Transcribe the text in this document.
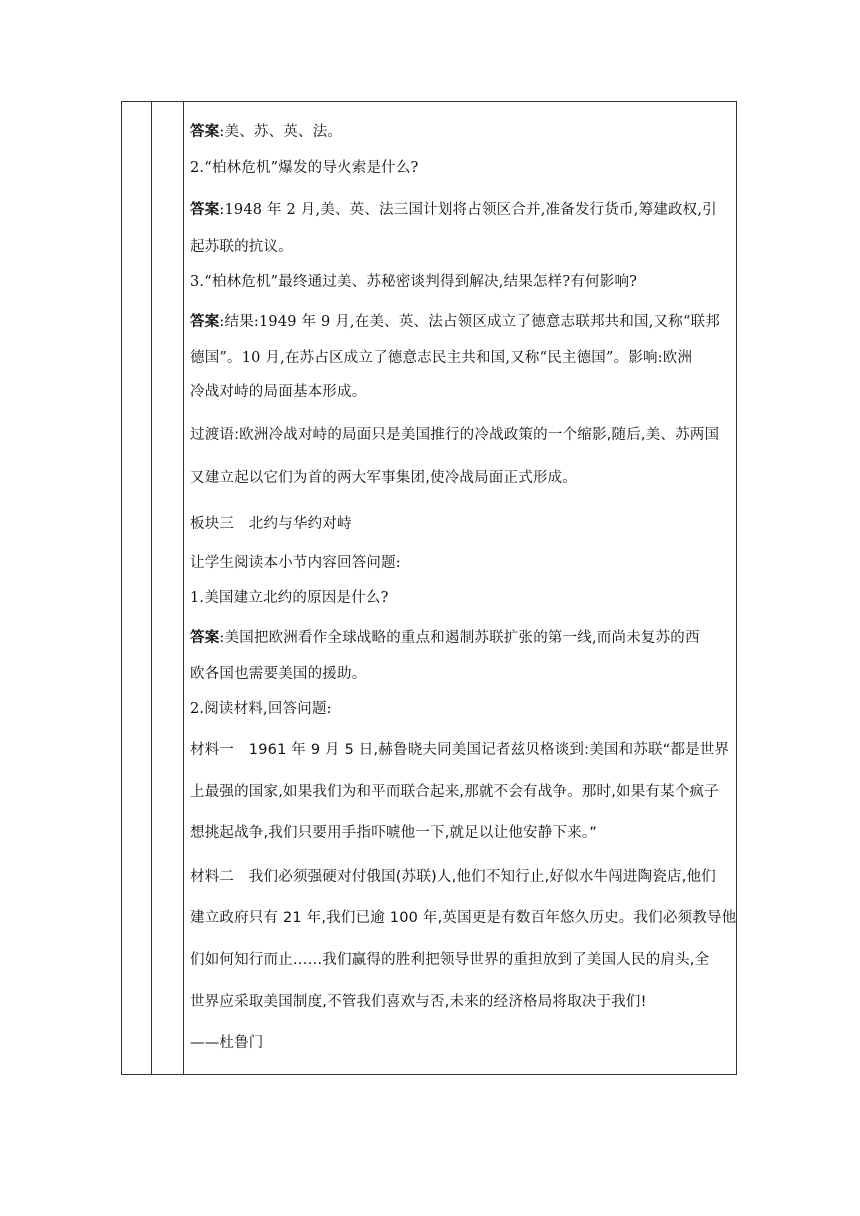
答案:美、苏、英、法。
2.“柏林危机”爆发的导火索是什么?
答案:1948 年 2 月,美、英、法三国计划将占领区合并,准备发行货币,筹建政权,引
起苏联的抗议。
3.“柏林危机”最终通过美、苏秘密谈判得到解决,结果怎样?有何影响?
答案:结果:1949 年 9 月,在美、英、法占领区成立了德意志联邦共和国,又称“联邦
德国”。10 月,在苏占区成立了德意志民主共和国,又称“民主德国”。影响:欧洲
冷战对峙的局面基本形成。
过渡语:欧洲冷战对峙的局面只是美国推行的冷战政策的一个缩影,随后,美、苏两国
又建立起以它们为首的两大军事集团,使冷战局面正式形成。
板块三　北约与华约对峙
让学生阅读本小节内容回答问题:
1.美国建立北约的原因是什么?
答案:美国把欧洲看作全球战略的重点和遏制苏联扩张的第一线,而尚未复苏的西
欧各国也需要美国的援助。
2.阅读材料,回答问题:
材料一　1961 年 9 月 5 日,赫鲁晓夫同美国记者兹贝格谈到:美国和苏联“都是世界
上最强的国家,如果我们为和平而联合起来,那就不会有战争。那时,如果有某个疯子
想挑起战争,我们只要用手指吓唬他一下,就足以让他安静下来。”
材料二　我们必须强硬对付俄国(苏联)人,他们不知行止,好似水牛闯进陶瓷店,他们
建立政府只有 21 年,我们已逾 100 年,英国更是有数百年悠久历史。我们必须教导他
们如何知行而止……我们赢得的胜利把领导世界的重担放到了美国人民的肩头,全
世界应采取美国制度,不管我们喜欢与否,未来的经济格局将取决于我们!
——杜鲁门
